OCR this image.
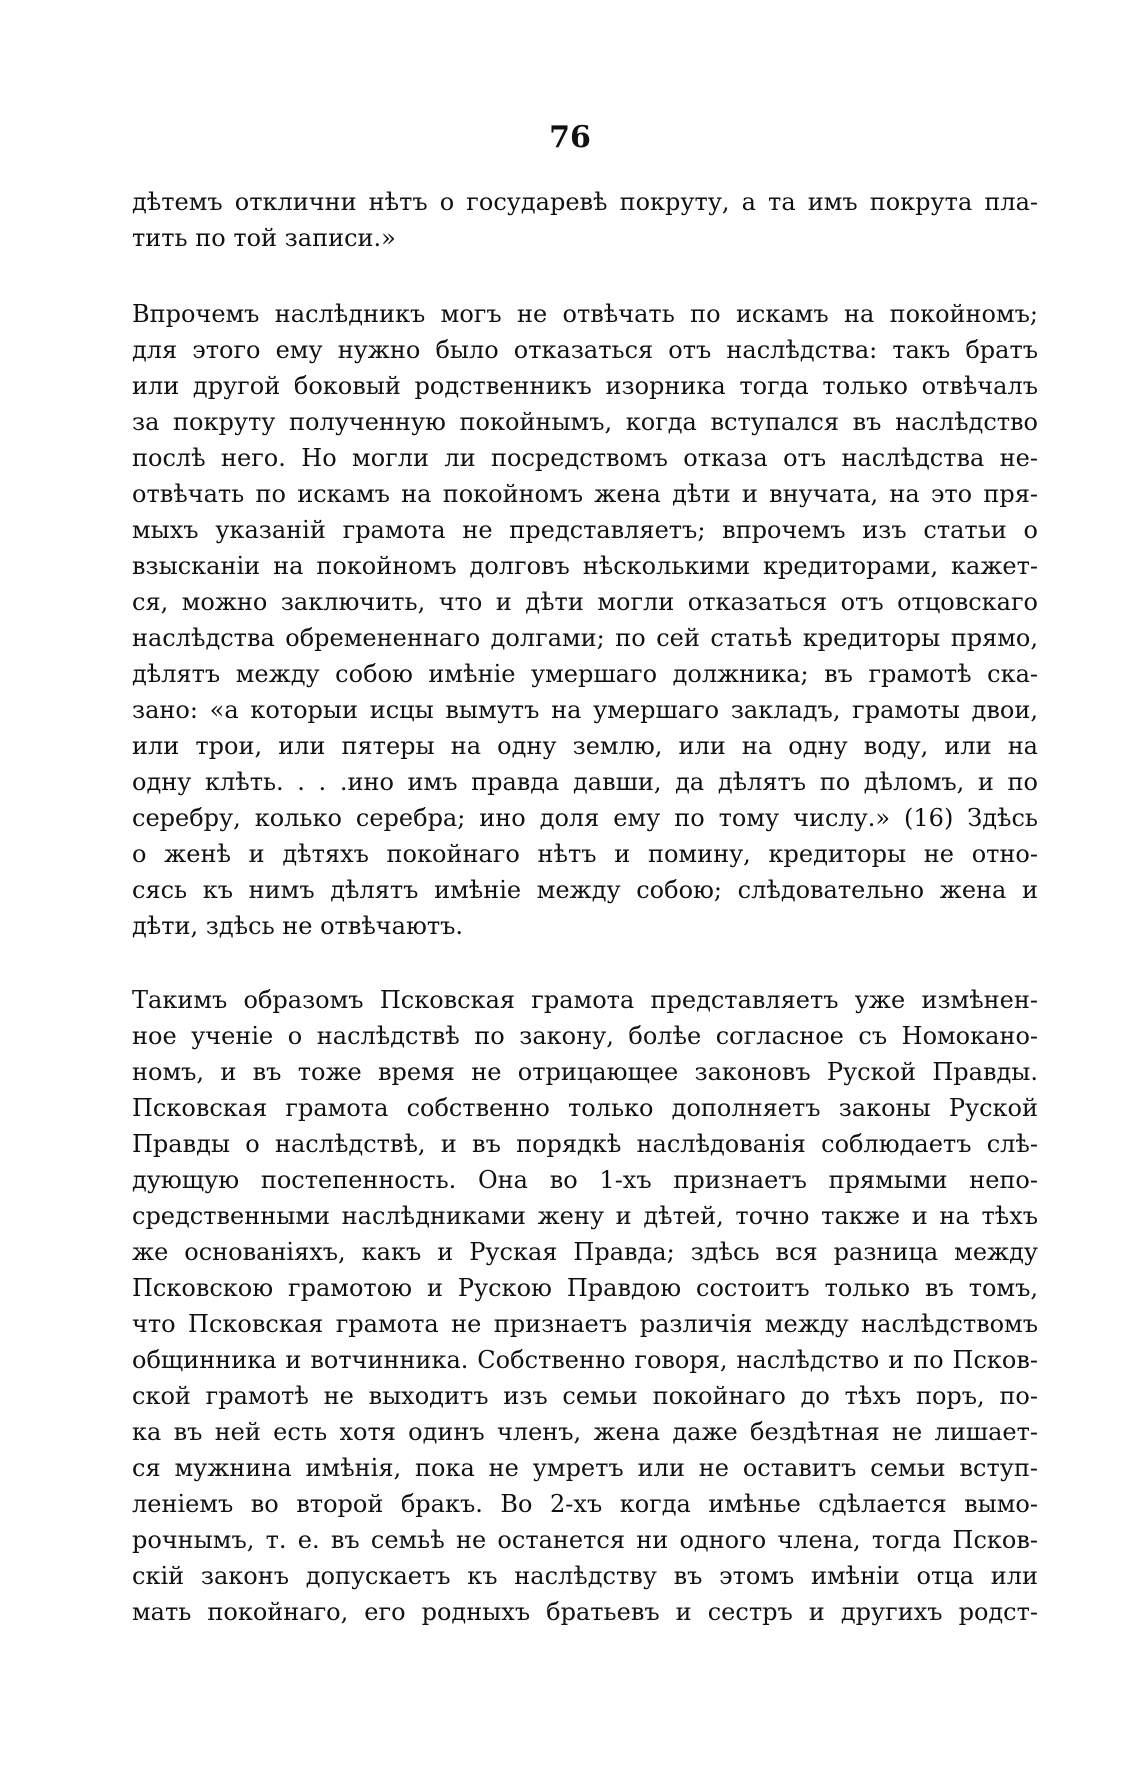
76
дѣтемъ отклични нѣтъ о государевѣ покруту, а та имъ покрута пла-
тить по той записи.»
Впрочемъ наслѣдникъ могъ не отвѣчать по искамъ на покойномъ;
для этого ему нужно было отказаться отъ наслѣдства: такъ братъ
или другой боковый родственникъ изорника тогда только отвѣчалъ
за покруту полученную покойнымъ, когда вступался въ наслѣдство
послѣ него. Но могли ли посредствомъ отказа отъ наслѣдства не-
отвѣчать по искамъ на покойномъ жена дѣти и внучата, на это пря-
мыхъ указаній грамота не представляетъ; впрочемъ изъ статьи о
взысканіи на покойномъ долговъ нѣсколькими кредиторами, кажет-
ся, можно заключить, что и дѣти могли отказаться отъ отцовскаго
наслѣдства обремененнаго долгами; по сей статьѣ кредиторы прямо,
дѣлятъ между собою имѣніе умершаго должника; въ грамотѣ ска-
зано: «а которыи исцы вымутъ на умершаго закладъ, грамоты двои,
или трои, или пятеры на одну землю, или на одну воду, или на
одну клѣть. . . .ино имъ правда давши, да дѣлятъ по дѣломъ, и по
серебру, колько серебра; ино доля ему по тому числу.» (16) Здѣсь
о женѣ и дѣтяхъ покойнаго нѣтъ и помину, кредиторы не отно-
сясь къ нимъ дѣлятъ имѣніе между собою; слѣдовательно жена и
дѣти, здѣсь не отвѣчаютъ.
Такимъ образомъ Псковская грамота представляетъ уже измѣнен-
ное ученіе о наслѣдствѣ по закону, болѣе согласное съ Номокано-
номъ, и въ тоже время не отрицающее законовъ Руской Правды.
Псковская грамота собственно только дополняетъ законы Руской
Правды о наслѣдствѣ, и въ порядкѣ наслѣдованія соблюдаетъ слѣ-
дующую постепенность. Она во 1-хъ признаетъ прямыми непо-
средственными наслѣдниками жену и дѣтей, точно также и на тѣхъ
же основаніяхъ, какъ и Руская Правда; здѣсь вся разница между
Псковскою грамотою и Рускою Правдою состоитъ только въ томъ,
что Псковская грамота не признаетъ различія между наслѣдствомъ
общинника и вотчинника. Собственно говоря, наслѣдство и по Псков-
ской грамотѣ не выходитъ изъ семьи покойнаго до тѣхъ поръ, по-
ка въ ней есть хотя одинъ членъ, жена даже бездѣтная не лишает-
ся мужнина имѣнія, пока не умретъ или не оставитъ семьи вступ-
леніемъ во второй бракъ. Во 2-хъ когда имѣнье сдѣлается вымо-
рочнымъ, т. е. въ семьѣ не останется ни одного члена, тогда Псков-
скій законъ допускаетъ къ наслѣдству въ этомъ имѣніи отца или
мать покойнаго, его родныхъ братьевъ и сестръ и другихъ родст-
